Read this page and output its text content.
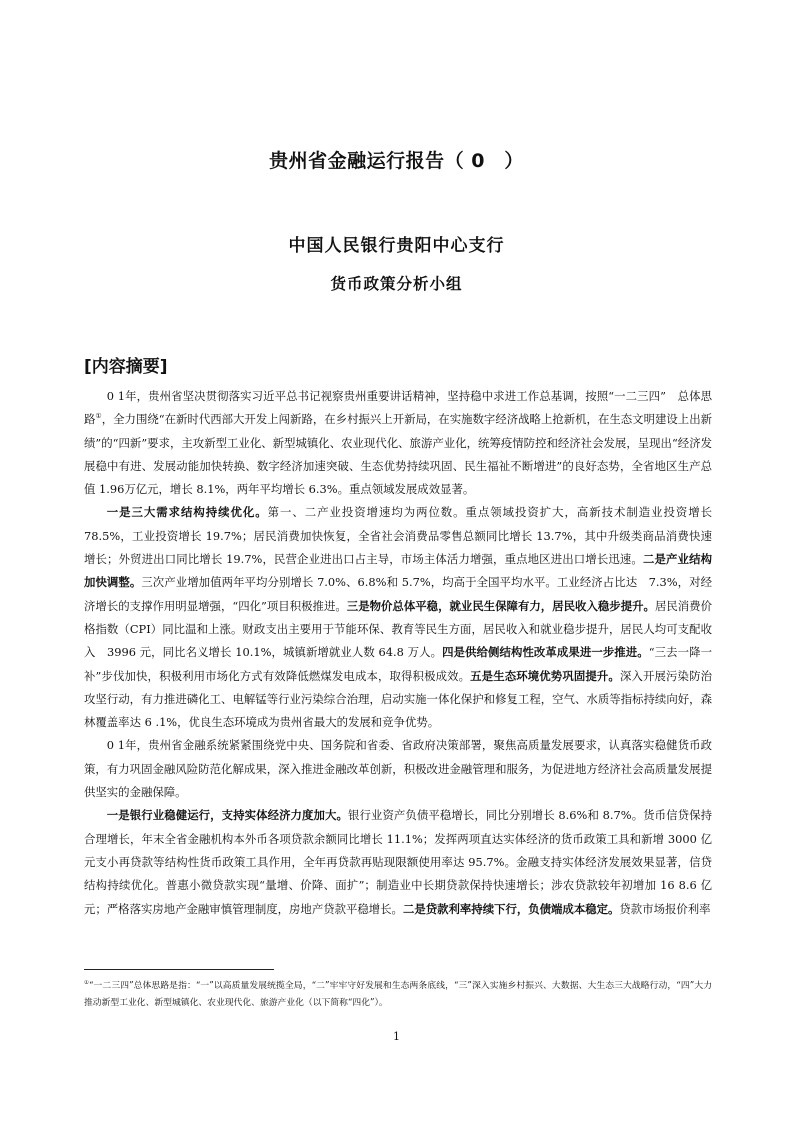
贵州省金融运行报告（ 0　）
中国人民银行贵阳中心支行
货币政策分析小组
[内容摘要]

0 1年，贵州省坚决贯彻落实习近平总书记视察贵州重要讲话精神，坚持稳中求进工作总基调，按照“一二三四”　总体思路①，全力围绕“在新时代西部大开发上闯新路，在乡村振兴上开新局，在实施数字经济战略上抢新机，在生态文明建设上出新绩”的“四新”要求，主攻新型工业化、新型城镇化、农业现代化、旅游产业化，统筹疫情防控和经济社会发展，呈现出“经济发展稳中有进、发展动能加快转换、数字经济加速突破、生态优势持续巩固、民生福祉不断增进”的良好态势，全省地区生产总值 1.96万亿元，增长 8.1%，两年平均增长 6.3%。重点领域发展成效显著。

一是三大需求结构持续优化。第一、二产业投资增速均为两位数。重点领域投资扩大，高新技术制造业投资增长 78.5%，工业投资增长 19.7%；居民消费加快恢复，全省社会消费品零售总额同比增长 13.7%，其中升级类商品消费快速增长；外贸进出口同比增长 19.7%，民营企业进出口占主导，市场主体活力增强，重点地区进出口增长迅速。二是产业结构加快调整。三次产业增加值两年平均分别增长 7.0%、6.8%和 5.7%，均高于全国平均水平。工业经济占比达　7.3%，对经济增长的支撑作用明显增强，“四化”项目积极推进。三是物价总体平稳，就业民生保障有力，居民收入稳步提升。居民消费价格指数（CPI）同比温和上涨。财政支出主要用于节能环保、教育等民生方面，居民收入和就业稳步提升，居民人均可支配收入　3996 元，同比名义增长 10.1%，城镇新增就业人数 64.8 万人。四是供给侧结构性改革成果进一步推进。“三去一降一补”步伐加快，积极利用市场化方式有效降低燃煤发电成本，取得积极成效。五是生态环境优势巩固提升。深入开展污染防治攻坚行动，有力推进磷化工、电解锰等行业污染综合治理，启动实施一体化保护和修复工程，空气、水质等指标持续向好，森林覆盖率达 6 .1%，优良生态环境成为贵州省最大的发展和竞争优势。

0 1年，贵州省金融系统紧紧围绕党中央、国务院和省委、省政府决策部署，聚焦高质量发展要求，认真落实稳健货币政策，有力巩固金融风险防范化解成果，深入推进金融改革创新，积极改进金融管理和服务，为促进地方经济社会高质量发展提供坚实的金融保障。

一是银行业稳健运行，支持实体经济力度加大。银行业资产负债平稳增长，同比分别增长 8.6%和 8.7%。货币信贷保持合理增长，年末全省金融机构本外币各项贷款余额同比增长 11.1%；发挥两项直达实体经济的货币政策工具和新增 3000 亿元支小再贷款等结构性货币政策工具作用，全年再贷款再贴现限额使用率达 95.7%。金融支持实体经济发展效果显著，信贷结构持续优化。普惠小微贷款实现“量增、价降、面扩”；制造业中长期贷款保持快速增长；涉农贷款较年初增加 16 8.6 亿元；严格落实房地产金融审慎管理制度，房地产贷款平稳增长。二是贷款利率持续下行，负债端成本稳定。贷款市场报价利率

①“一二三四”总体思路是指：“一”以高质量发展统揽全局，“二”牢牢守好发展和生态两条底线，“三”深入实施乡村振兴、大数据、大生态三大战略行动，“四”大力推动新型工业化、新型城镇化、农业现代化、旅游产业化（以下简称“四化”）。
1
